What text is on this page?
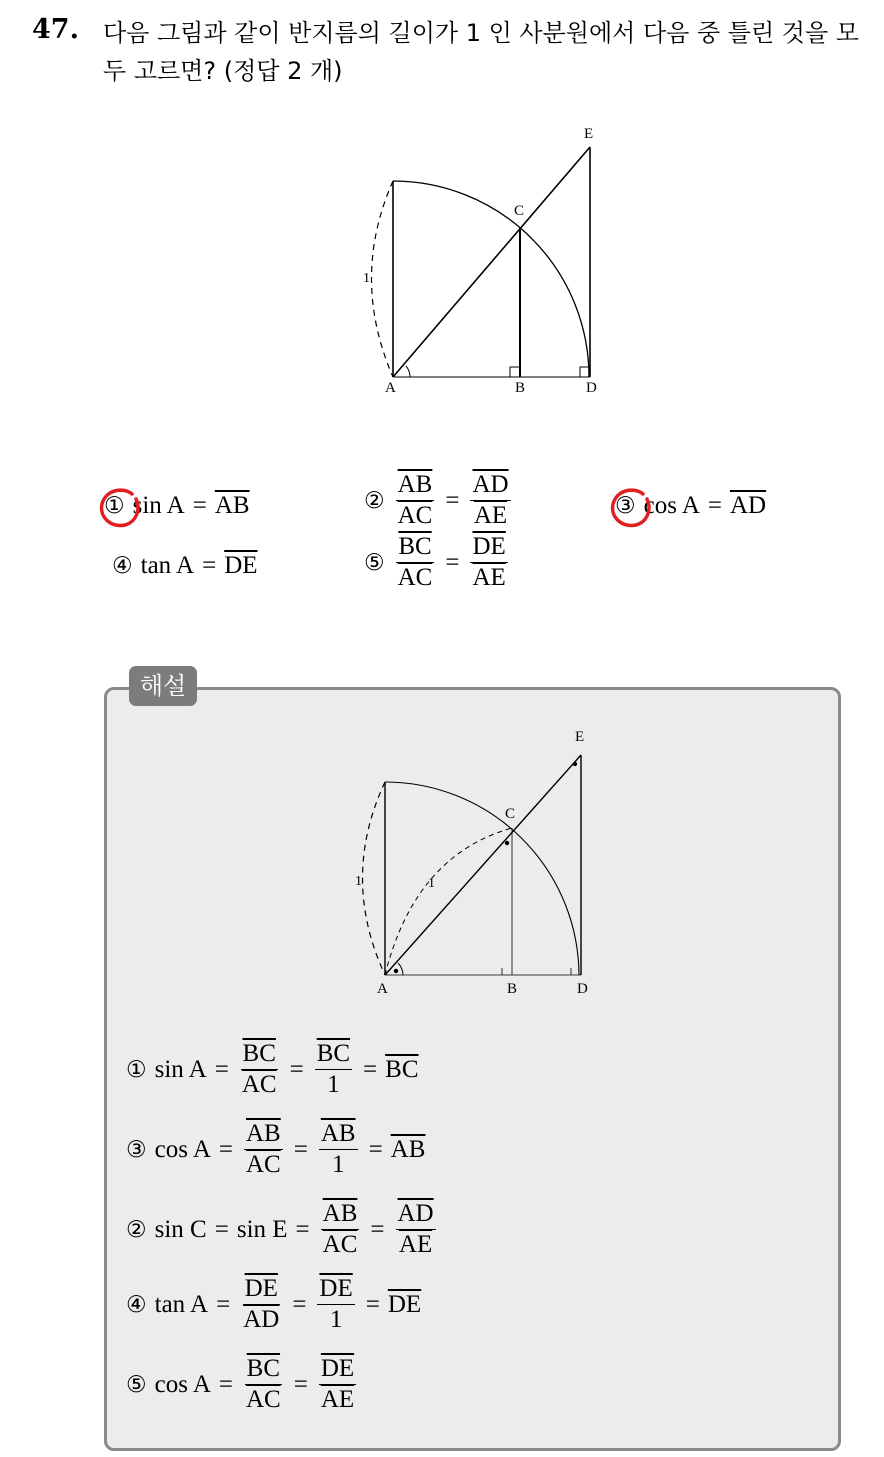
47. 다음 그림과 같이 반지름의 길이가 1 인 사분원에서 다음 중 틀린 것을 모두 고르면? (정답 2 개)
A	B
C
D
E
1
① $\sin A = \overline{AB}$	② $\frac{\overline{AB}}{AC} = \frac{\overline{AD}}{AE}$	③ $\cos A = \overline{AD}$
④ $\tan A = \overline{DE}$	⑤ $\frac{\overline{BC}}{AC} = \frac{\overline{DE}}{AE}$
해설
A	B
C
D
E
1	1
① $\sin A = \frac{\overline{BC}}{AC} = \frac{\overline{BC}}{1} = \overline{BC}$
③ $\cos A = \frac{\overline{AB}}{AC} = \frac{\overline{AB}}{1} = \overline{AB}$
② $\sin C = \sin E = \frac{\overline{AB}}{AC} = \frac{\overline{AD}}{AE}$
④ $\tan A = \frac{\overline{DE}}{AD} = \frac{\overline{DE}}{1} = \overline{DE}$
⑤ $\cos A = \frac{\overline{BC}}{AC} = \frac{\overline{DE}}{AE}$
